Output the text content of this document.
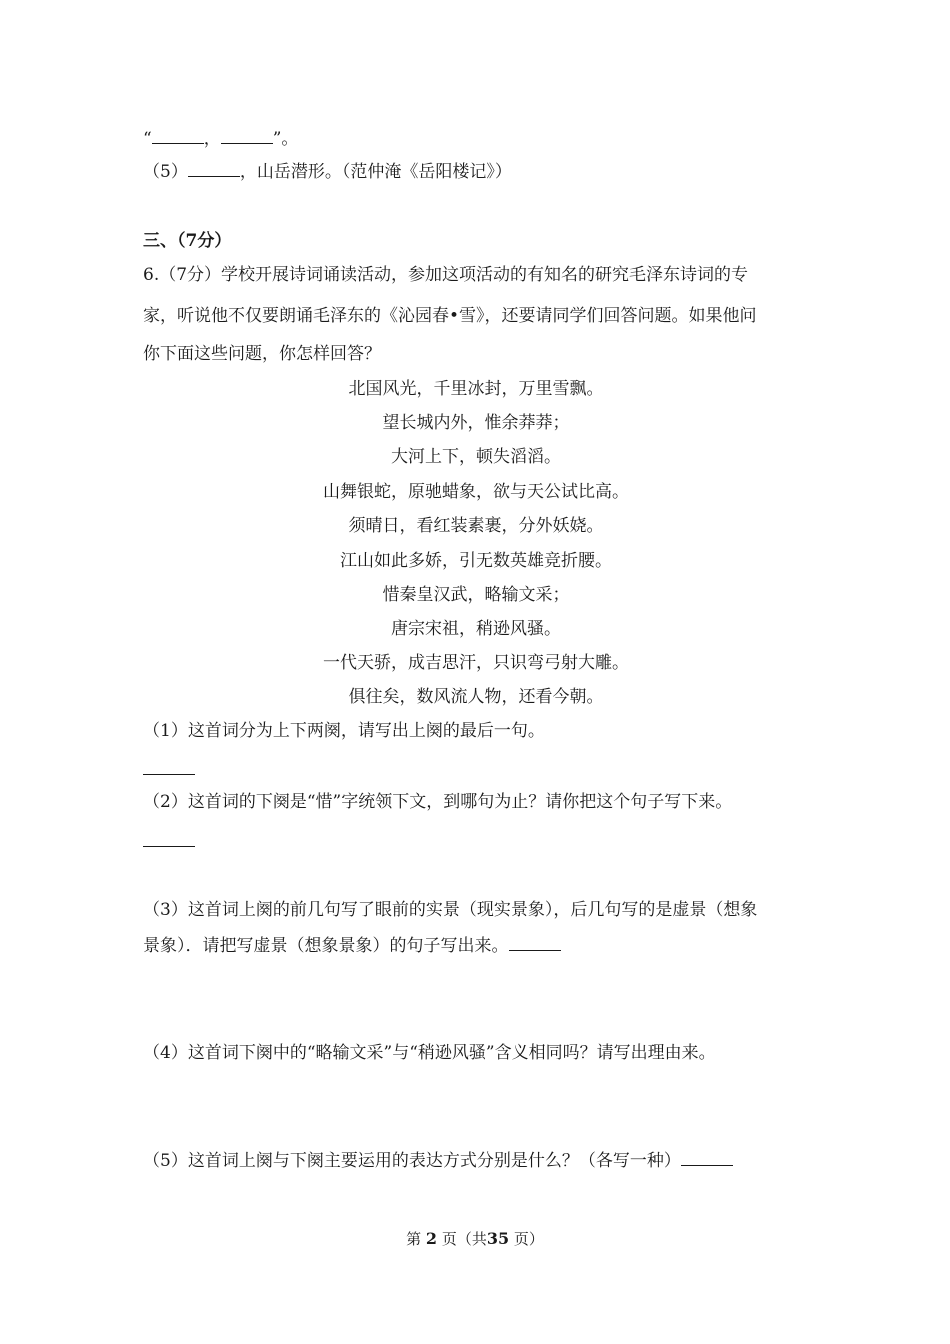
“	，	”。
（5）	，山岳潜形。（范仲淹《岳阳楼记》）
三、（7分）
6.（7分）学校开展诗词诵读活动，参加这项活动的有知名的研究毛泽东诗词的专
家，听说他不仅要朗诵毛泽东的《沁园春•雪》，还要请同学们回答问题。如果他问
你下面这些问题，你怎样回答？
北国风光，千里冰封，万里雪飘。
望长城内外，惟余莽莽；
大河上下，顿失滔滔。
山舞银蛇，原驰蜡象，欲与天公试比高。
须晴日，看红装素裹，分外妖娆。
江山如此多娇，引无数英雄竞折腰。
惜秦皇汉武，略输文采；
唐宗宋祖，稍逊风骚。
一代天骄，成吉思汗，只识弯弓射大雕。
俱往矣，数风流人物，还看今朝。
（1）这首词分为上下两阕，请写出上阕的最后一句。
（2）这首词的下阕是“惜”字统领下文，到哪句为止？请你把这个句子写下来。
（3）这首词上阕的前几句写了眼前的实景（现实景象），后几句写的是虚景（想象
景象）．请把写虚景（想象景象）的句子写出来。
（4）这首词下阕中的“略输文采”与“稍逊风骚”含义相同吗？请写出理由来。
（5）这首词上阕与下阕主要运用的表达方式分别是什么？（各写一种）
第 2 页（共35 页）
